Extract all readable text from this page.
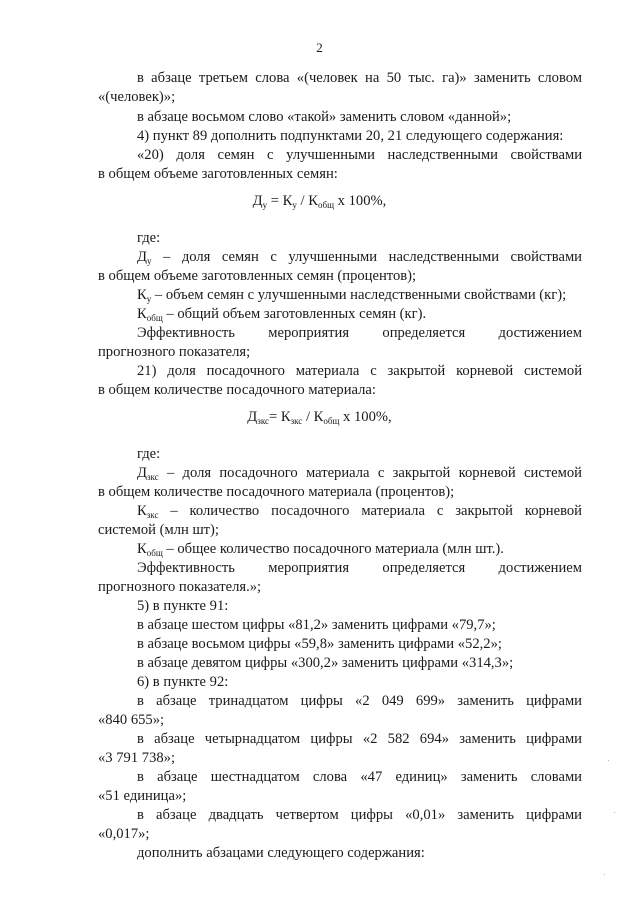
2
в абзаце третьем слова «(человек на 50 тыс. га)» заменить словом
«(человек)»;
в абзаце восьмом слово «такой» заменить словом «данной»;
4) пункт 89 дополнить подпунктами 20, 21 следующего содержания:
«20) доля семян с улучшенными наследственными свойствами
в общем объеме заготовленных семян:
$Д_у = К_у / К_{общ}$ х 100%,
где:
$Д_у$ – доля семян с улучшенными наследственными свойствами
в общем объеме заготовленных семян (процентов);
$К_у$ – объем семян с улучшенными наследственными свойствами (кг);
$К_{общ}$ – общий объем заготовленных семян (кг).
Эффективность мероприятия определяется достижением
прогнозного показателя;
21) доля посадочного материала с закрытой корневой системой
в общем количестве посадочного материала:
$Д_{зкс}= К_{зкс} / К_{общ}$ х 100%,
где:
$Д_{зкс}$ – доля посадочного материала с закрытой корневой системой
в общем количестве посадочного материала (процентов);
$К_{зкс}$ – количество посадочного материала с закрытой корневой
системой (млн шт);
$К_{общ}$ – общее количество посадочного материала (млн шт.).
Эффективность мероприятия определяется достижением
прогнозного показателя.»;
5) в пункте 91:
в абзаце шестом цифры «81,2» заменить цифрами «79,7»;
в абзаце восьмом цифры «59,8» заменить цифрами «52,2»;
в абзаце девятом цифры «300,2» заменить цифрами «314,3»;
6) в пункте 92:
в абзаце тринадцатом цифры «2 049 699» заменить цифрами
«840 655»;
в абзаце четырнадцатом цифры «2 582 694» заменить цифрами
«3 791 738»;
в абзаце шестнадцатом слова «47 единиц» заменить словами
«51 единица»;
в абзаце двадцать четвертом цифры «0,01» заменить цифрами
«0,017»;
дополнить абзацами следующего содержания:
